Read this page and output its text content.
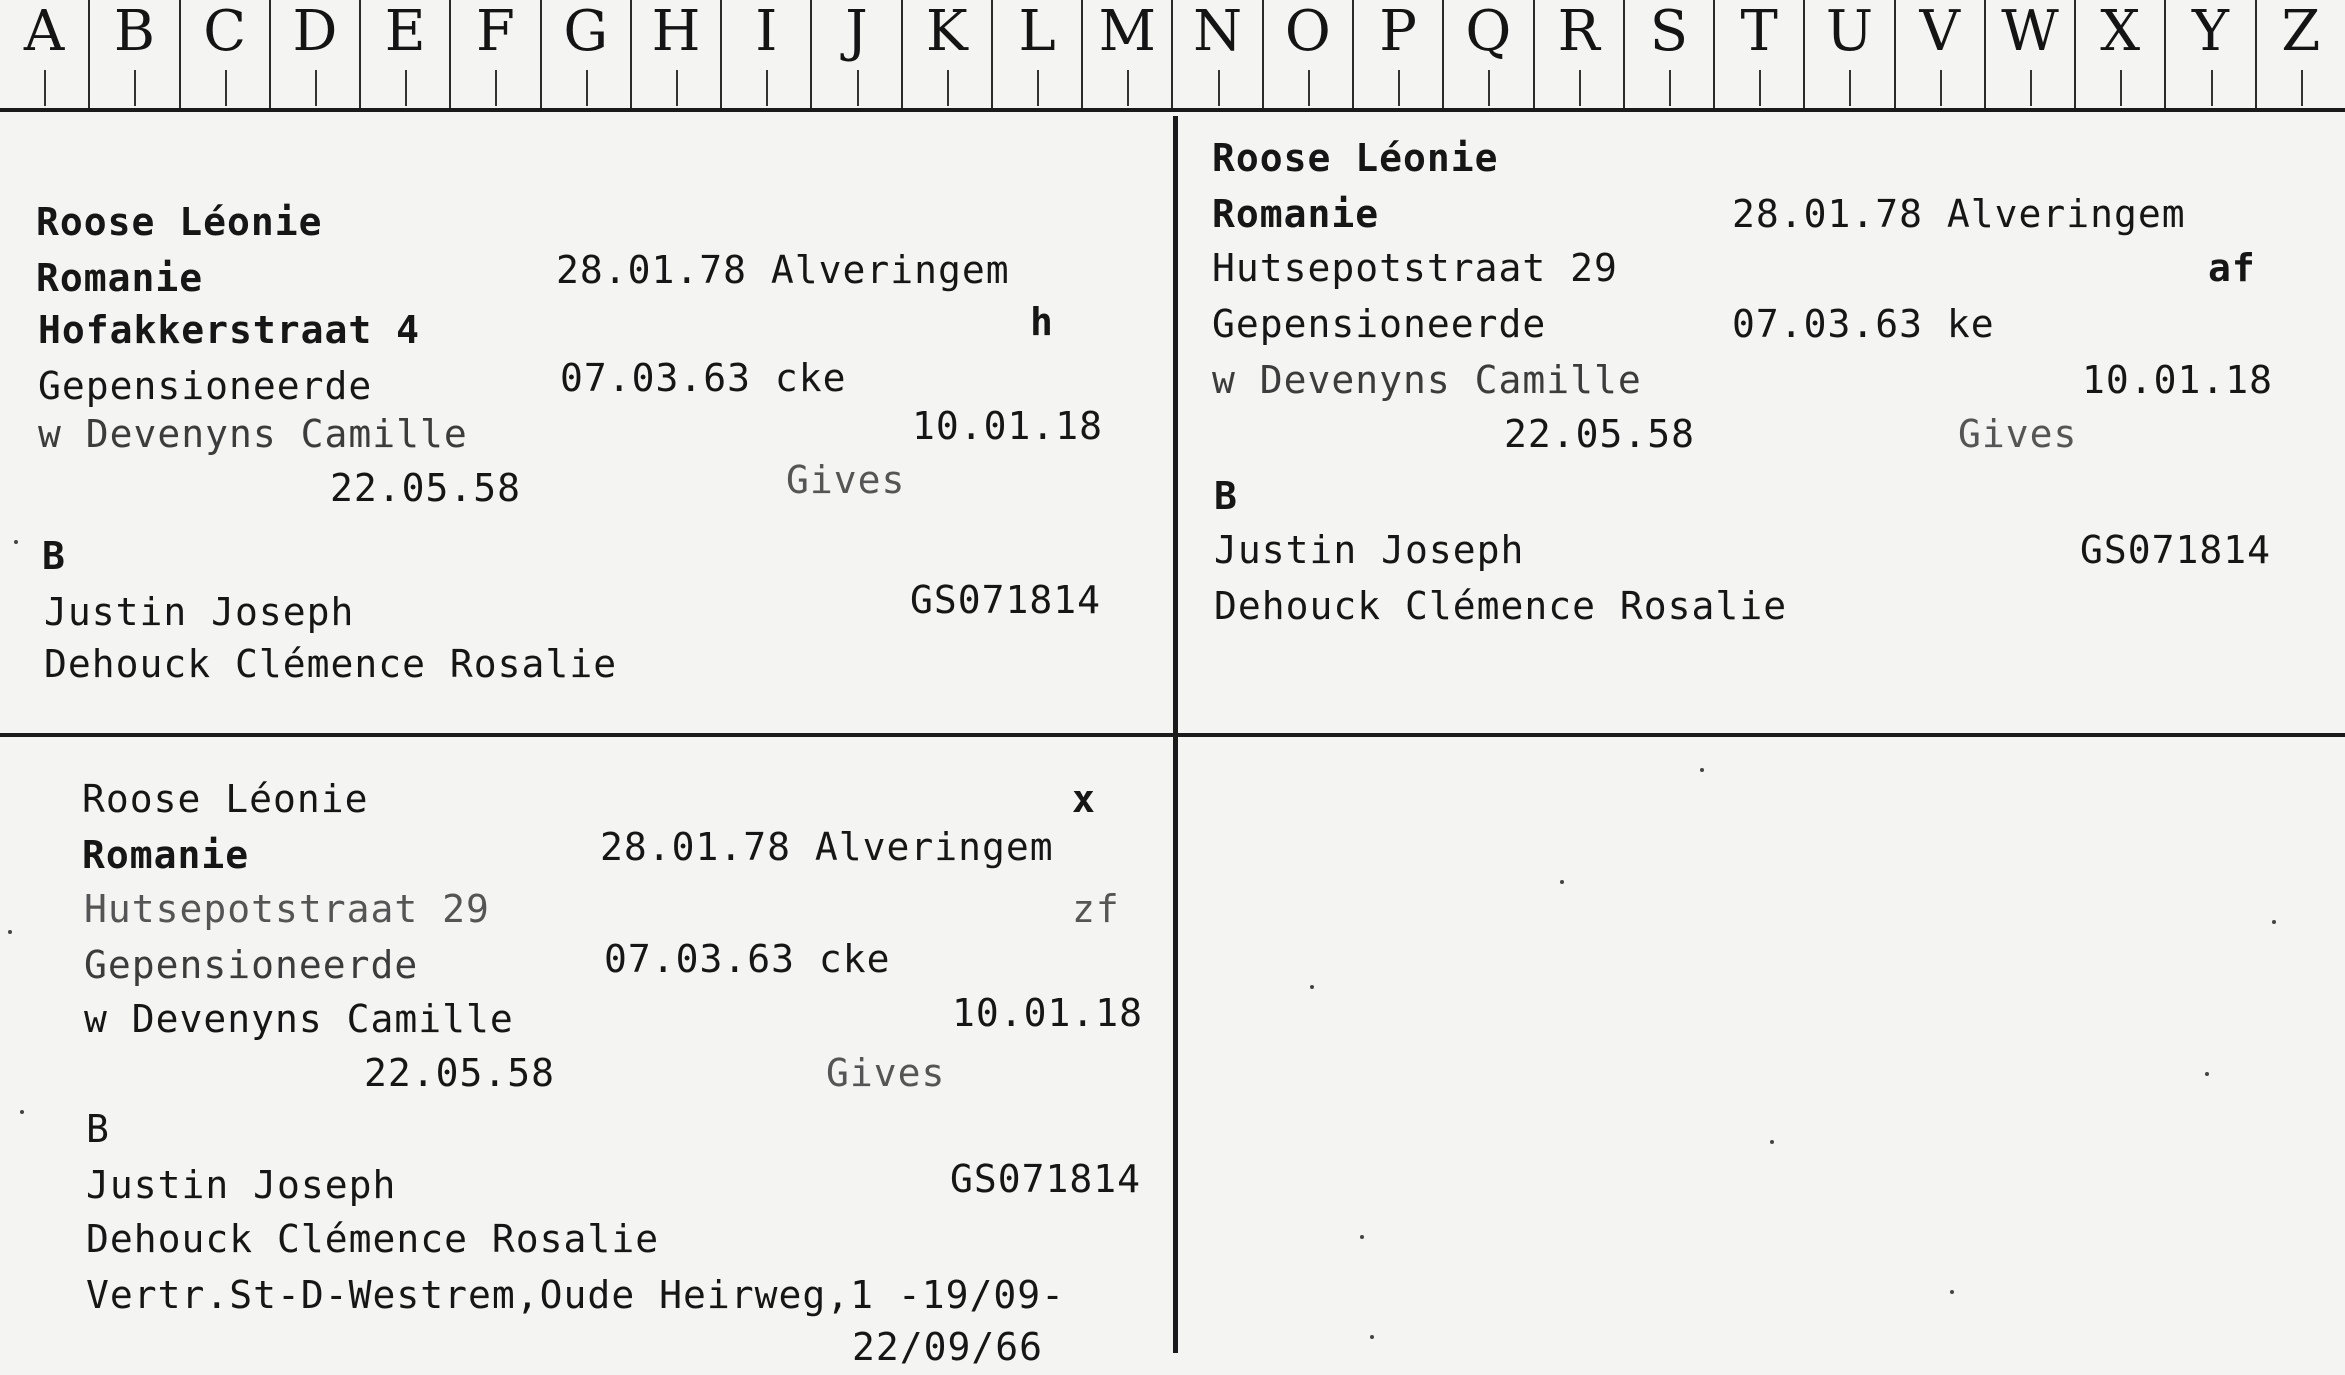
A B C D E F G H I	J	K L M N O P Q R S T U V W X Y Z
Roose Léonie
Romanie	28.01.78 Alveringem
Hofakkerstraat 4	h
Gepensioneerde	07.03.63 cke
w Devenyns Camille	10.01.18
22.05.58	Gives
B
Justin Joseph	GS071814
Dehouck Clémence Rosalie
Roose Léonie
Romanie	28.01.78 Alveringem
Hutsepotstraat 29	af
Gepensioneerde	07.03.63 ke
w Devenyns Camille	10.01.18
22.05.58	Gives
B
Justin Joseph	GS071814
Dehouck Clémence Rosalie
Roose Léonie	x
Romanie	28.01.78 Alveringem
Hutsepotstraat 29	zf
Gepensioneerde	07.03.63 cke
w Devenyns Camille	10.01.18
22.05.58	Gives
B
Justin Joseph	GS071814
Dehouck Clémence Rosalie
Vertr.St-D-Westrem,Oude Heirweg,1 -19/09-
22/09/66
